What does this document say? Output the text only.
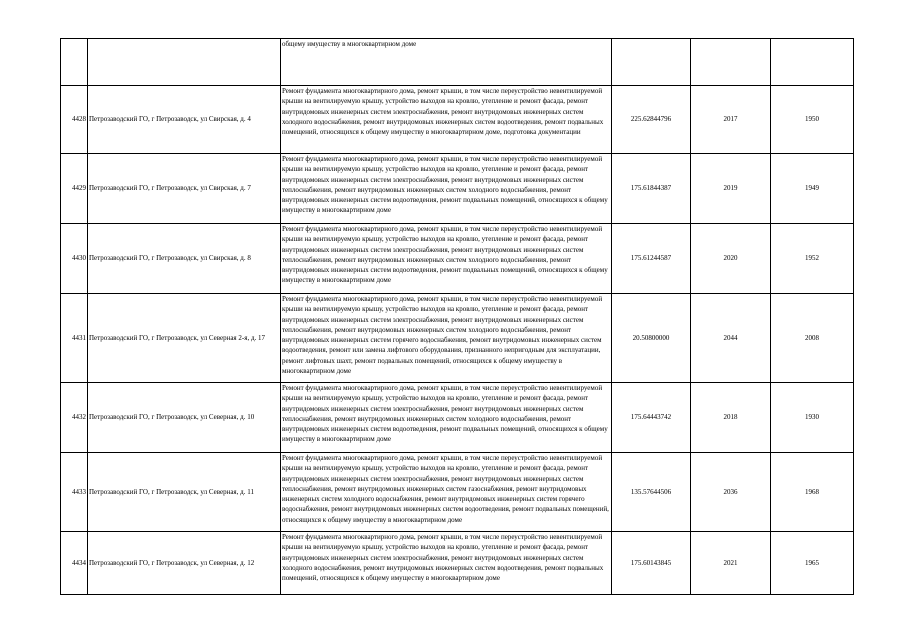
		общему имуществу в многоквартирном доме			
4428	Петрозаводский ГО, г Петрозаводск, ул Свирская, д. 4	Ремонт фундамента многоквартирного дома, ремонт крыши, в том числе переустройство невентилируемой крыши на вентилируемую крышу, устройство выходов на кровлю, утепление и ремонт фасада, ремонт внутридомовых инженерных систем электроснабжения, ремонт внутридомовых инженерных систем холодного водоснабжения, ремонт внутридомовых инженерных систем водоотведения, ремонт подвальных помещений, относящихся к общему имуществу в многоквартирном доме, подготовка документации	225.62844796	2017	1950
4429	Петрозаводский ГО, г Петрозаводск, ул Свирская, д. 7	Ремонт фундамента многоквартирного дома, ремонт крыши, в том числе переустройство невентилируемой крыши на вентилируемую крышу, устройство выходов на кровлю, утепление и ремонт фасада, ремонт внутридомовых инженерных систем электроснабжения, ремонт внутридомовых инженерных систем теплоснабжения, ремонт внутридомовых инженерных систем холодного водоснабжения, ремонт внутридомовых инженерных систем водоотведения, ремонт подвальных помещений, относящихся к общему имуществу в многоквартирном доме	175.61844387	2019	1949
4430	Петрозаводский ГО, г Петрозаводск, ул Свирская, д. 8	Ремонт фундамента многоквартирного дома, ремонт крыши, в том числе переустройство невентилируемой крыши на вентилируемую крышу, устройство выходов на кровлю, утепление и ремонт фасада, ремонт внутридомовых инженерных систем электроснабжения, ремонт внутридомовых инженерных систем теплоснабжения, ремонт внутридомовых инженерных систем холодного водоснабжения, ремонт внутридомовых инженерных систем водоотведения, ремонт подвальных помещений, относящихся к общему имуществу в многоквартирном доме	175.61244587	2020	1952
4431	Петрозаводский ГО, г Петрозаводск, ул Северная 2-я, д. 17	Ремонт фундамента многоквартирного дома, ремонт крыши, в том числе переустройство невентилируемой крыши на вентилируемую крышу, устройство выходов на кровлю, утепление и ремонт фасада, ремонт внутридомовых инженерных систем электроснабжения, ремонт внутридомовых инженерных систем теплоснабжения, ремонт внутридомовых инженерных систем холодного водоснабжения, ремонт внутридомовых инженерных систем горячего водоснабжения, ремонт внутридомовых инженерных систем водоотведения, ремонт или замена лифтового оборудования, признанного непригодным для эксплуатации, ремонт лифтовых шахт, ремонт подвальных помещений, относящихся к общему имуществу в многоквартирном доме	20.50800000	2044	2008
4432	Петрозаводский ГО, г Петрозаводск, ул Северная, д. 10	Ремонт фундамента многоквартирного дома, ремонт крыши, в том числе переустройство невентилируемой крыши на вентилируемую крышу, устройство выходов на кровлю, утепление и ремонт фасада, ремонт внутридомовых инженерных систем электроснабжения, ремонт внутридомовых инженерных систем теплоснабжения, ремонт внутридомовых инженерных систем холодного водоснабжения, ремонт внутридомовых инженерных систем водоотведения, ремонт подвальных помещений, относящихся к общему имуществу в многоквартирном доме	175.64443742	2018	1930
4433	Петрозаводский ГО, г Петрозаводск, ул Северная, д. 11	Ремонт фундамента многоквартирного дома, ремонт крыши, в том числе переустройство невентилируемой крыши на вентилируемую крышу, устройство выходов на кровлю, утепление и ремонт фасада, ремонт внутридомовых инженерных систем электроснабжения, ремонт внутридомовых инженерных систем теплоснабжения, ремонт внутридомовых инженерных систем газоснабжения, ремонт внутридомовых инженерных систем холодного водоснабжения, ремонт внутридомовых инженерных систем горячего водоснабжения, ремонт внутридомовых инженерных систем водоотведения, ремонт подвальных помещений, относящихся к общему имуществу в многоквартирном доме	135.57644506	2036	1968
4434	Петрозаводский ГО, г Петрозаводск, ул Северная, д. 12	Ремонт фундамента многоквартирного дома, ремонт крыши, в том числе переустройство невентилируемой крыши на вентилируемую крышу, устройство выходов на кровлю, утепление и ремонт фасада, ремонт внутридомовых инженерных систем электроснабжения, ремонт внутридомовых инженерных систем холодного водоснабжения, ремонт внутридомовых инженерных систем водоотведения, ремонт подвальных помещений, относящихся к общему имуществу в многоквартирном доме	175.60143845	2021	1965
